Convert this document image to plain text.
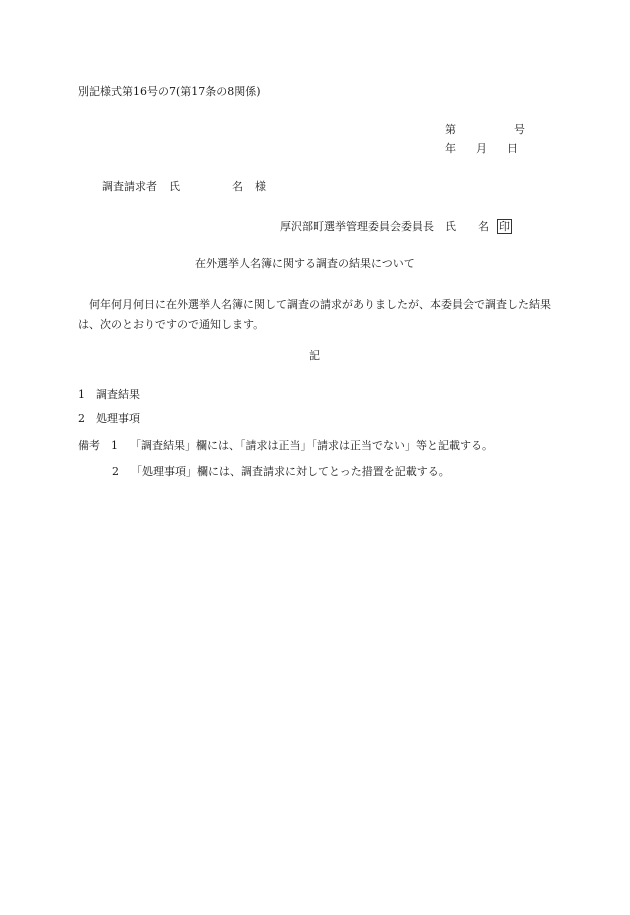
別記様式第16号の7(第17条の8関係)
第	号
年 月 日
調査請求者 氏	名 様
厚沢部町選挙管理委員会委員長 氏 名 印
在外選挙人名簿に関する調査の結果について
何年何月何日に在外選挙人名簿に関して調査の請求がありましたが、本委員会で調査した結果は、次のとおりですので通知します。
記
1 調査結果
2 処理事項
備考 1 「調査結果」欄には、「請求は正当」「請求は正当でない」等と記載する。
2 「処理事項」欄には、調査請求に対してとった措置を記載する。
